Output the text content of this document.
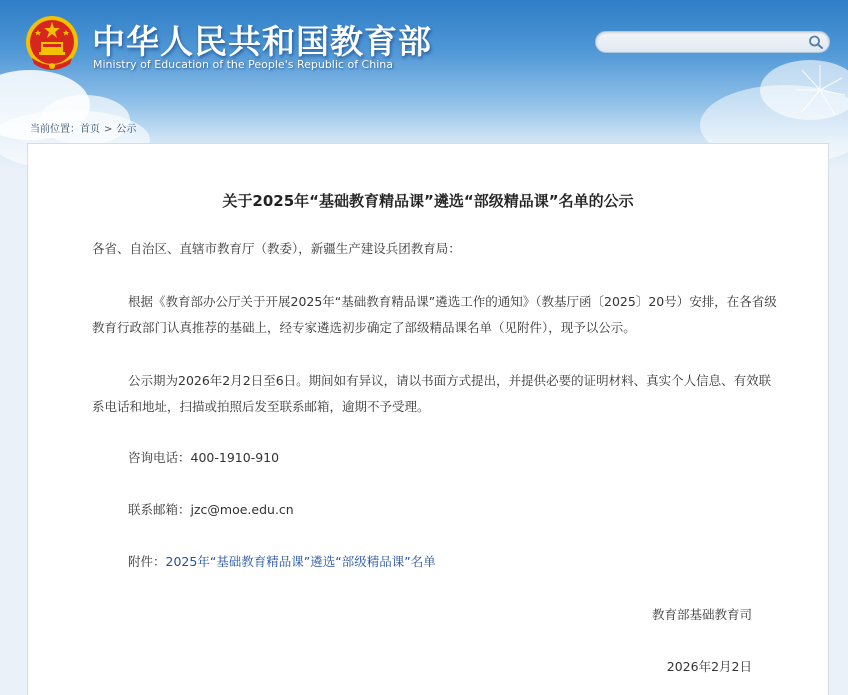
中华人民共和国教育部
Ministry of Education of the People's Republic of China
当前位置：首页 > 公示
关于2025年“基础教育精品课”遴选“部级精品课”名单的公示
各省、自治区、直辖市教育厅（教委），新疆生产建设兵团教育局：
根据《教育部办公厅关于开展2025年“基础教育精品课”遴选工作的通知》（教基厅函〔2025〕20号）安排，在各省级教育行政部门认真推荐的基础上，经专家遴选初步确定了部级精品课名单（见附件），现予以公示。
公示期为2026年2月2日至6日。期间如有异议，请以书面方式提出，并提供必要的证明材料、真实个人信息、有效联系电话和地址，扫描或拍照后发至联系邮箱，逾期不予受理。
咨询电话：400-1910-910
联系邮箱：jzc@moe.edu.cn
附件：2025年“基础教育精品课”遴选“部级精品课”名单
教育部基础教育司
2026年2月2日
